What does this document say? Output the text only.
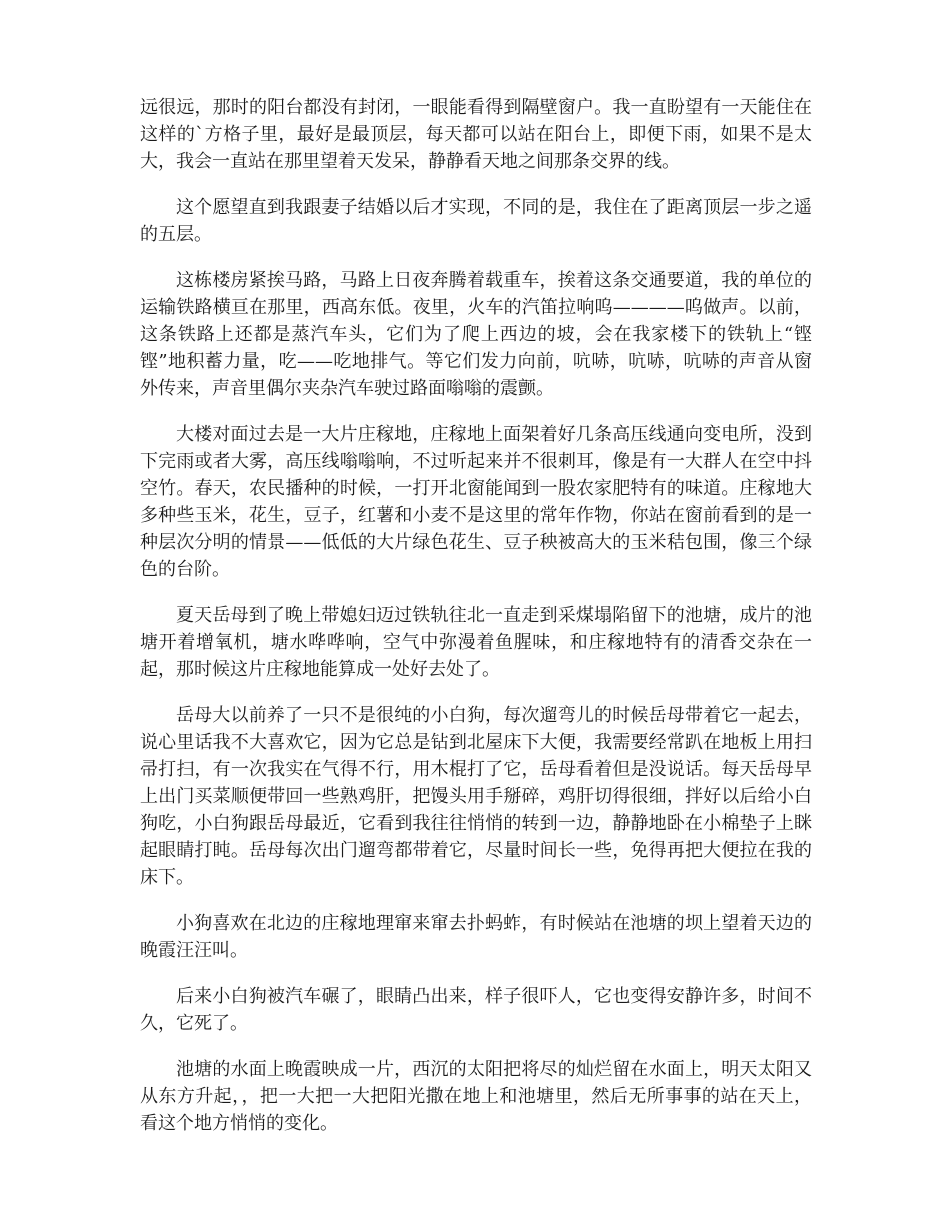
远很远，那时的阳台都没有封闭，一眼能看得到隔壁窗户。我一直盼望有一天能住在这样的`方格子里，最好是最顶层，每天都可以站在阳台上，即便下雨，如果不是太大，我会一直站在那里望着天发呆，静静看天地之间那条交界的线。

这个愿望直到我跟妻子结婚以后才实现，不同的是，我住在了距离顶层一步之遥的五层。

这栋楼房紧挨马路，马路上日夜奔腾着载重车，挨着这条交通要道，我的单位的运输铁路横亘在那里，西高东低。夜里，火车的汽笛拉响呜————呜做声。以前，这条铁路上还都是蒸汽车头，它们为了爬上西边的坡，会在我家楼下的铁轨上“铿铿”地积蓄力量，吃——吃地排气。等它们发力向前，吭哧，吭哧，吭哧的声音从窗外传来，声音里偶尔夹杂汽车驶过路面嗡嗡的震颤。

大楼对面过去是一大片庄稼地，庄稼地上面架着好几条高压线通向变电所，没到下完雨或者大雾，高压线嗡嗡响，不过听起来并不很刺耳，像是有一大群人在空中抖空竹。春天，农民播种的时候，一打开北窗能闻到一股农家肥特有的味道。庄稼地大多种些玉米，花生，豆子，红薯和小麦不是这里的常年作物，你站在窗前看到的是一种层次分明的情景——低低的大片绿色花生、豆子秧被高大的玉米秸包围，像三个绿色的台阶。

夏天岳母到了晚上带媳妇迈过铁轨往北一直走到采煤塌陷留下的池塘，成片的池塘开着增氧机，塘水哗哗响，空气中弥漫着鱼腥味，和庄稼地特有的清香交杂在一起，那时候这片庄稼地能算成一处好去处了。

岳母大以前养了一只不是很纯的小白狗，每次遛弯儿的时候岳母带着它一起去，说心里话我不大喜欢它，因为它总是钻到北屋床下大便，我需要经常趴在地板上用扫帚打扫，有一次我实在气得不行，用木棍打了它，岳母看着但是没说话。每天岳母早上出门买菜顺便带回一些熟鸡肝，把馒头用手掰碎，鸡肝切得很细，拌好以后给小白狗吃，小白狗跟岳母最近，它看到我往往悄悄的转到一边，静静地卧在小棉垫子上眯起眼睛打盹。岳母每次出门遛弯都带着它，尽量时间长一些，免得再把大便拉在我的床下。

小狗喜欢在北边的庄稼地理窜来窜去扑蚂蚱，有时候站在池塘的坝上望着天边的晚霞汪汪叫。

后来小白狗被汽车碾了，眼睛凸出来，样子很吓人，它也变得安静许多，时间不久，它死了。

池塘的水面上晚霞映成一片，西沉的太阳把将尽的灿烂留在水面上，明天太阳又从东方升起，，把一大把一大把阳光撒在地上和池塘里，然后无所事事的站在天上，看这个地方悄悄的变化。
